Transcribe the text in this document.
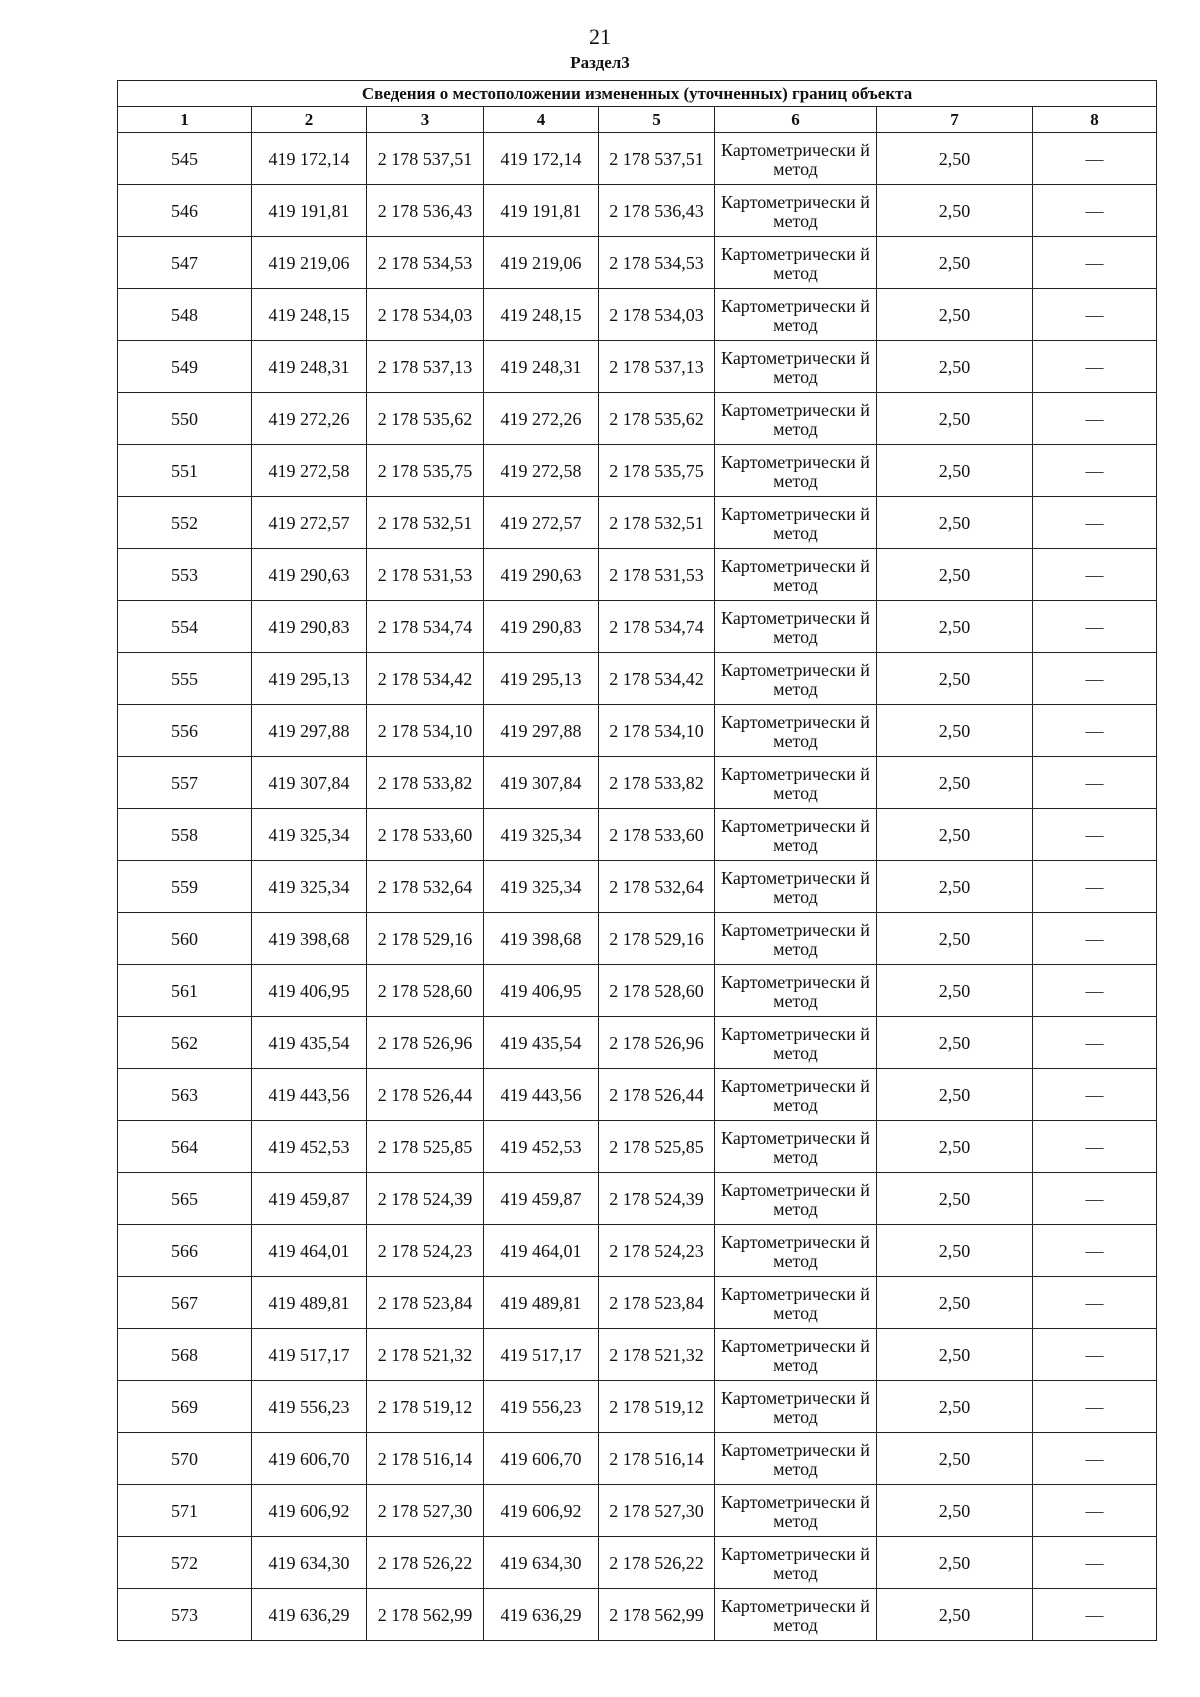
21
Раздел3
Сведения о местоположении измененных (уточненных) границ объекта							
1	2	3	4	5	6	7	8
545	419 172,14	2 178 537,51	419 172,14	2 178 537,51	Картометрически й метод	2,50	—
546	419 191,81	2 178 536,43	419 191,81	2 178 536,43	Картометрически й метод	2,50	—
547	419 219,06	2 178 534,53	419 219,06	2 178 534,53	Картометрически й метод	2,50	—
548	419 248,15	2 178 534,03	419 248,15	2 178 534,03	Картометрически й метод	2,50	—
549	419 248,31	2 178 537,13	419 248,31	2 178 537,13	Картометрически й метод	2,50	—
550	419 272,26	2 178 535,62	419 272,26	2 178 535,62	Картометрически й метод	2,50	—
551	419 272,58	2 178 535,75	419 272,58	2 178 535,75	Картометрически й метод	2,50	—
552	419 272,57	2 178 532,51	419 272,57	2 178 532,51	Картометрически й метод	2,50	—
553	419 290,63	2 178 531,53	419 290,63	2 178 531,53	Картометрически й метод	2,50	—
554	419 290,83	2 178 534,74	419 290,83	2 178 534,74	Картометрически й метод	2,50	—
555	419 295,13	2 178 534,42	419 295,13	2 178 534,42	Картометрически й метод	2,50	—
556	419 297,88	2 178 534,10	419 297,88	2 178 534,10	Картометрически й метод	2,50	—
557	419 307,84	2 178 533,82	419 307,84	2 178 533,82	Картометрически й метод	2,50	—
558	419 325,34	2 178 533,60	419 325,34	2 178 533,60	Картометрически й метод	2,50	—
559	419 325,34	2 178 532,64	419 325,34	2 178 532,64	Картометрически й метод	2,50	—
560	419 398,68	2 178 529,16	419 398,68	2 178 529,16	Картометрически й метод	2,50	—
561	419 406,95	2 178 528,60	419 406,95	2 178 528,60	Картометрически й метод	2,50	—
562	419 435,54	2 178 526,96	419 435,54	2 178 526,96	Картометрически й метод	2,50	—
563	419 443,56	2 178 526,44	419 443,56	2 178 526,44	Картометрически й метод	2,50	—
564	419 452,53	2 178 525,85	419 452,53	2 178 525,85	Картометрически й метод	2,50	—
565	419 459,87	2 178 524,39	419 459,87	2 178 524,39	Картометрически й метод	2,50	—
566	419 464,01	2 178 524,23	419 464,01	2 178 524,23	Картометрически й метод	2,50	—
567	419 489,81	2 178 523,84	419 489,81	2 178 523,84	Картометрически й метод	2,50	—
568	419 517,17	2 178 521,32	419 517,17	2 178 521,32	Картометрически й метод	2,50	—
569	419 556,23	2 178 519,12	419 556,23	2 178 519,12	Картометрически й метод	2,50	—
570	419 606,70	2 178 516,14	419 606,70	2 178 516,14	Картометрически й метод	2,50	—
571	419 606,92	2 178 527,30	419 606,92	2 178 527,30	Картометрически й метод	2,50	—
572	419 634,30	2 178 526,22	419 634,30	2 178 526,22	Картометрически й метод	2,50	—
573	419 636,29	2 178 562,99	419 636,29	2 178 562,99	Картометрически й метод	2,50	—
